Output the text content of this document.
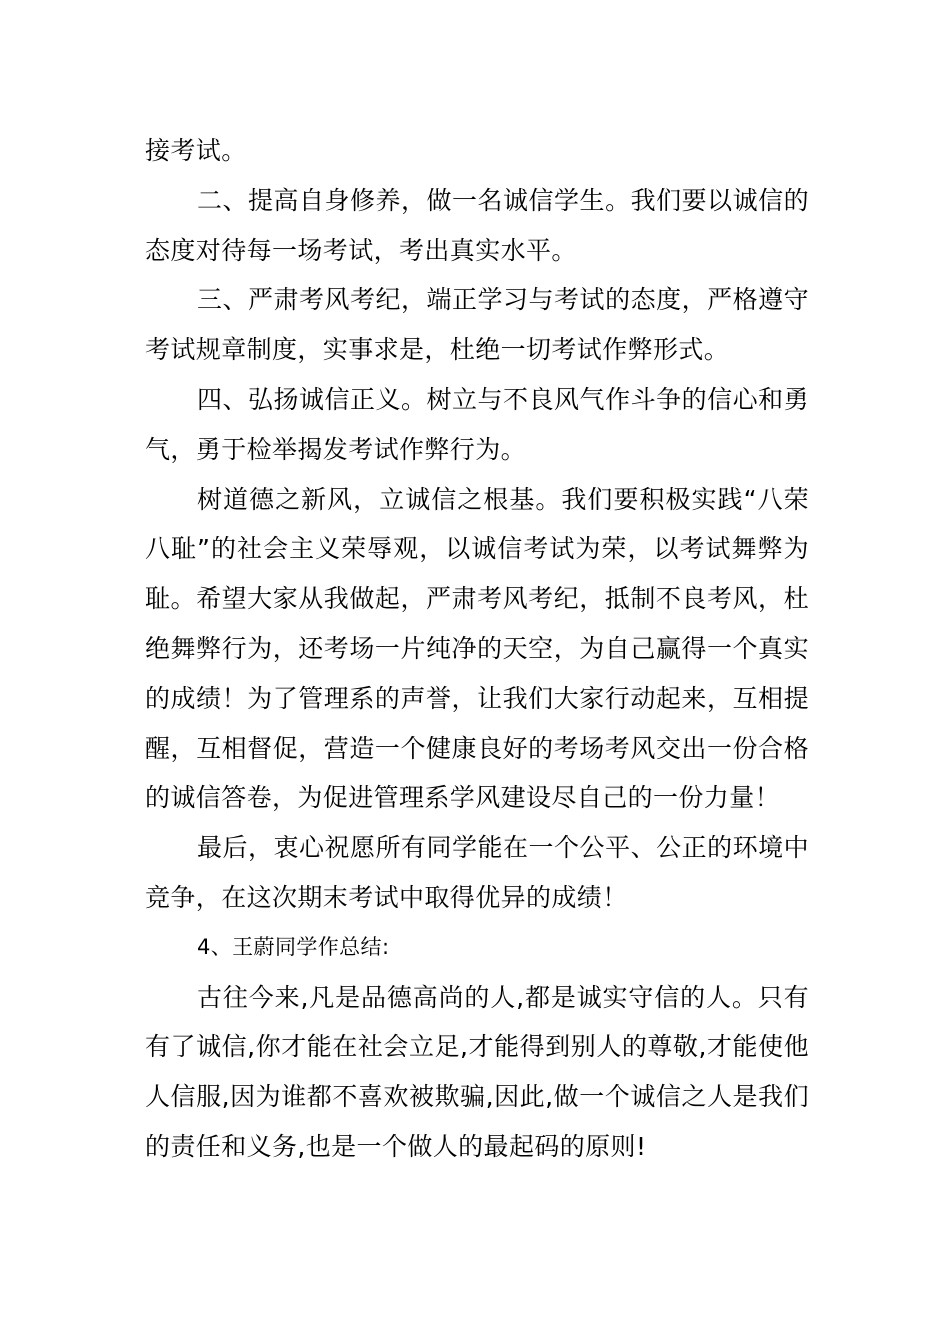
接考试。

二、提高自身修养，做一名诚信学生。我们要以诚信的态度对待每一场考试，考出真实水平。

三、严肃考风考纪，端正学习与考试的态度，严格遵守考试规章制度，实事求是，杜绝一切考试作弊形式。

四、弘扬诚信正义。树立与不良风气作斗争的信心和勇气，勇于检举揭发考试作弊行为。

树道德之新风，立诚信之根基。我们要积极实践“八荣八耻”的社会主义荣辱观，以诚信考试为荣，以考试舞弊为耻。希望大家从我做起，严肃考风考纪，抵制不良考风，杜绝舞弊行为，还考场一片纯净的天空，为自己赢得一个真实的成绩！为了管理系的声誉，让我们大家行动起来，互相提醒，互相督促，营造一个健康良好的考场考风交出一份合格的诚信答卷，为促进管理系学风建设尽自己的一份力量！

最后，衷心祝愿所有同学能在一个公平、公正的环境中竞争，在这次期末考试中取得优异的成绩！

4、王蔚同学作总结:

古往今来,凡是品德高尚的人,都是诚实守信的人。只有有了诚信,你才能在社会立足,才能得到别人的尊敬,才能使他人信服,因为谁都不喜欢被欺骗,因此,做一个诚信之人是我们的责任和义务,也是一个做人的最起码的原则!
